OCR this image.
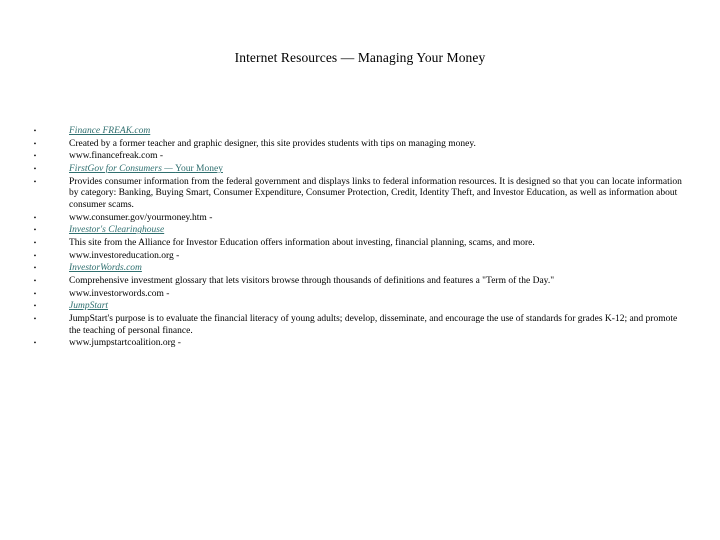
Internet Resources — Managing Your Money
•	Finance FREAK.com
•	Created by a former teacher and graphic designer, this site provides students with tips on managing money.
•	www.financefreak.com -
•	FirstGov for Consumers — Your Money
•	Provides consumer information from the federal government and displays links to federal information resources. It is designed so that you can locate information by category: Banking, Buying Smart, Consumer Expenditure, Consumer Protection, Credit, Identity Theft, and Investor Education, as well as information about consumer scams.
•	www.consumer.gov/yourmoney.htm -
•	Investor's Clearinghouse
•	This site from the Alliance for Investor Education offers information about investing, financial planning, scams, and more.
•	www.investoreducation.org -
•	InvestorWords.com
•	Comprehensive investment glossary that lets visitors browse through thousands of definitions and features a "Term of the Day."
•	www.investorwords.com -
•	JumpStart
•	JumpStart's purpose is to evaluate the financial literacy of young adults; develop, disseminate, and encourage the use of standards for grades K-12; and promote the teaching of personal finance.
•	www.jumpstartcoalition.org -
